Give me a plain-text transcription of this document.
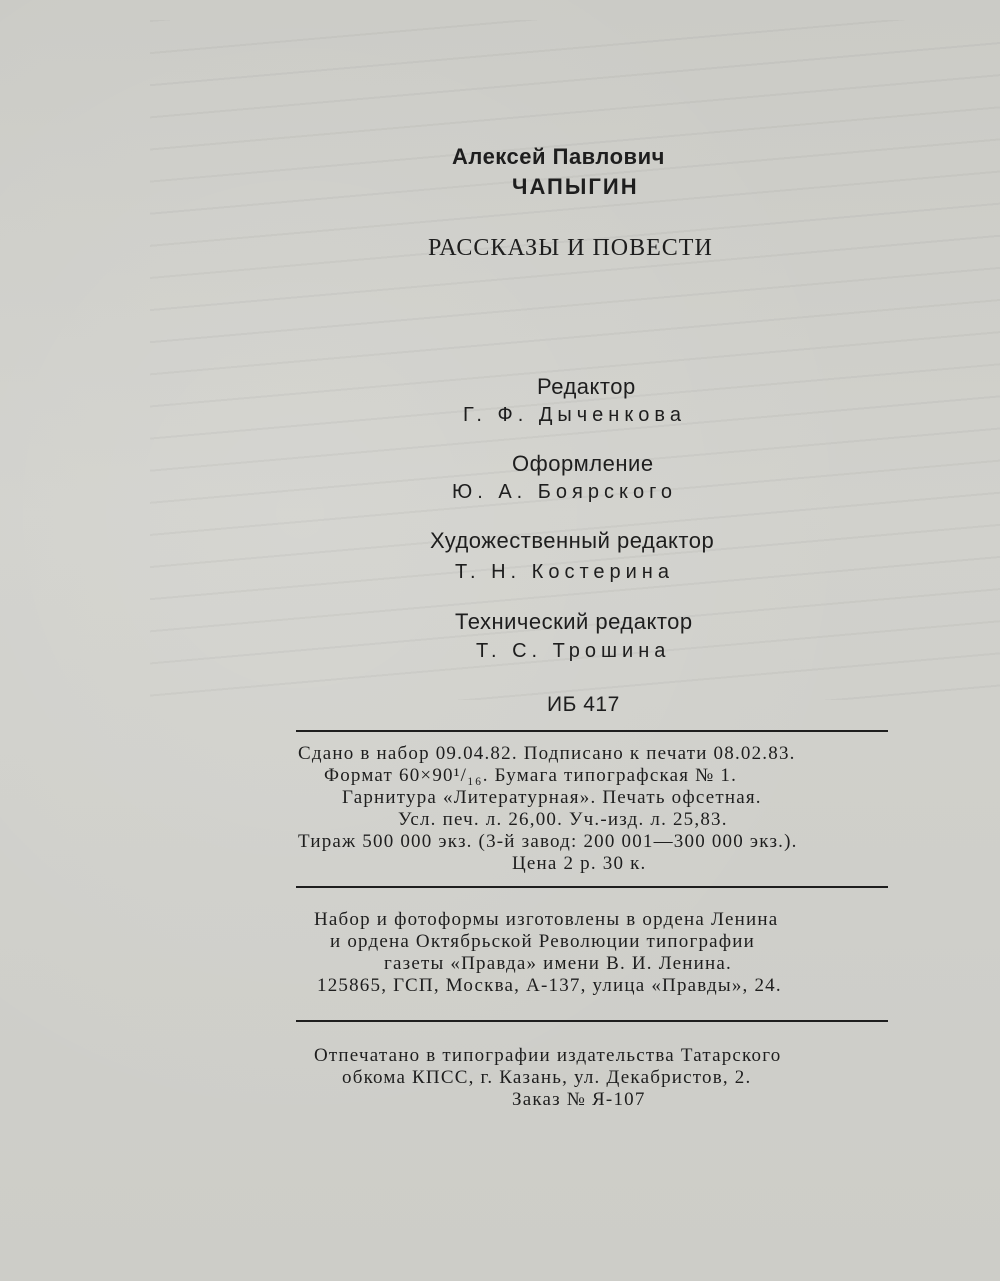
Алексей Павлович
ЧАПЫГИН
РАССКАЗЫ И ПОВЕСТИ
Редактор
Г. Ф. Дыченкова
Оформление
Ю. А. Боярского
Художественный редактор
Т. Н. Костерина
Технический редактор
Т. С. Трошина
ИБ 417
Сдано в набор 09.04.82. Подписано к печати 08.02.83.
Формат 60×90¹/₁₆. Бумага типографская № 1.
Гарнитура «Литературная». Печать офсетная.
Усл. печ. л. 26,00. Уч.-изд. л. 25,83.
Тираж 500 000 экз. (3-й завод: 200 001—300 000 экз.).
Цена 2 р. 30 к.
Набор и фотоформы изготовлены в ордена Ленина
и ордена Октябрьской Революции типографии
газеты «Правда» имени В. И. Ленина.
125865, ГСП, Москва, А-137, улица «Правды», 24.
Отпечатано в типографии издательства Татарского
обкома КПСС, г. Казань, ул. Декабристов, 2.
Заказ № Я-107
